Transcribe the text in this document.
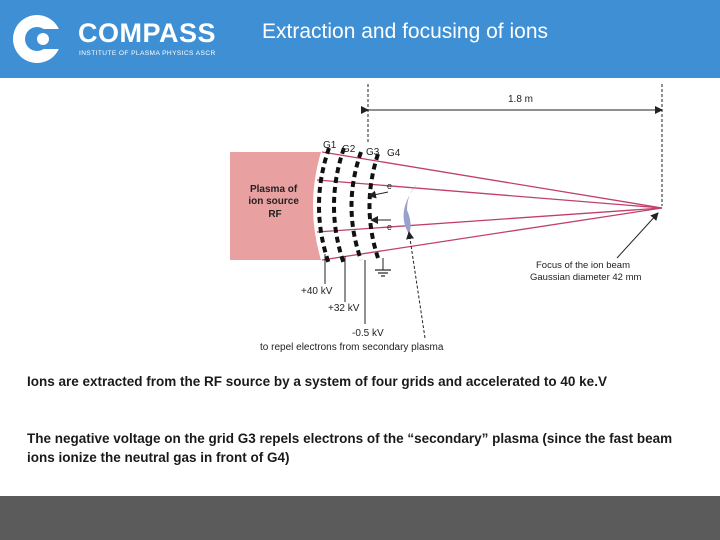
COMPASS
INSTITUTE OF PLASMA PHYSICS ASCR
Extraction and focusing of ions
1.8 m
Plasma of ion source RF
G1 G2 G3 G4
e
e
Focus of the ion beam Gaussian diameter 42 mm
+40 kV
+32 kV
-0.5 kV
to repel electrons from secondary plasma
Ions are extracted from the RF source by a system of four grids and accelerated to 40 ke.V
The negative voltage on the grid G3 repels electrons of the “secondary” plasma (since the fast beam ions ionize the neutral gas in front of G4)
